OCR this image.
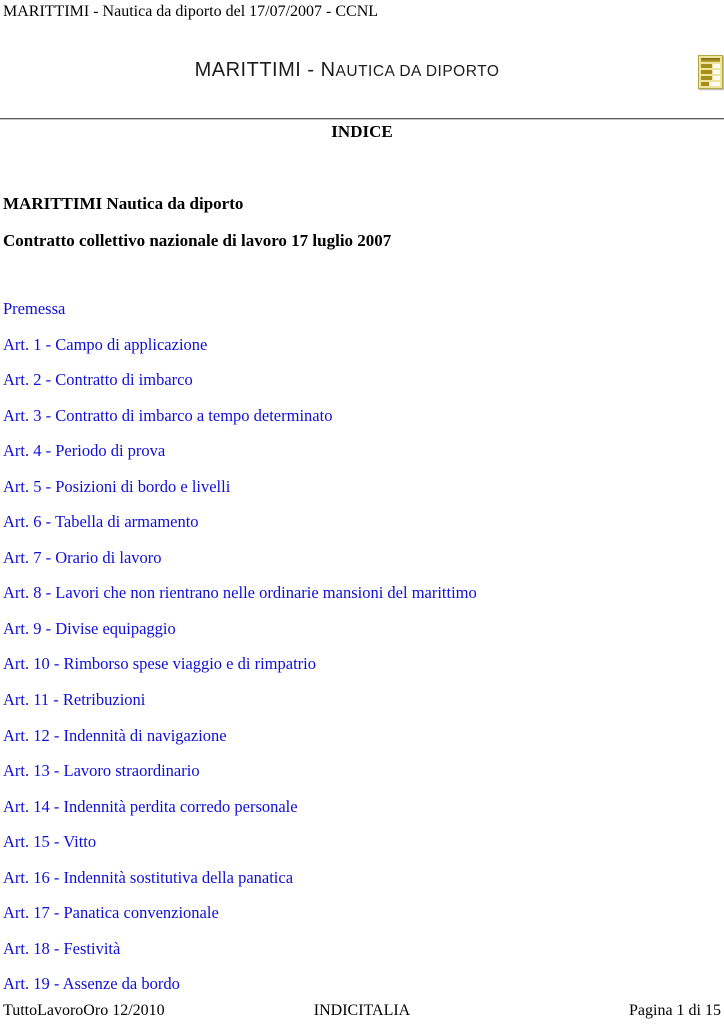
MARITTIMI - Nautica da diporto del 17/07/2007 - CCNL
MARITTIMI - NAUTICA DA DIPORTO
INDICE
MARITTIMI Nautica da diporto
Contratto collettivo nazionale di lavoro 17 luglio 2007
Premessa
Art. 1 - Campo di applicazione
Art. 2 - Contratto di imbarco
Art. 3 - Contratto di imbarco a tempo determinato
Art. 4 - Periodo di prova
Art. 5 - Posizioni di bordo e livelli
Art. 6 - Tabella di armamento
Art. 7 - Orario di lavoro
Art. 8 - Lavori che non rientrano nelle ordinarie mansioni del marittimo
Art. 9 - Divise equipaggio
Art. 10 - Rimborso spese viaggio e di rimpatrio
Art. 11 - Retribuzioni
Art. 12 - Indennità di navigazione
Art. 13 - Lavoro straordinario
Art. 14 - Indennità perdita corredo personale
Art. 15 - Vitto
Art. 16 - Indennità sostitutiva della panatica
Art. 17 - Panatica convenzionale
Art. 18 - Festività
Art. 19 - Assenze da bordo
TuttoLavoroOro 12/2010	INDICITALIA	Pagina 1 di 15
